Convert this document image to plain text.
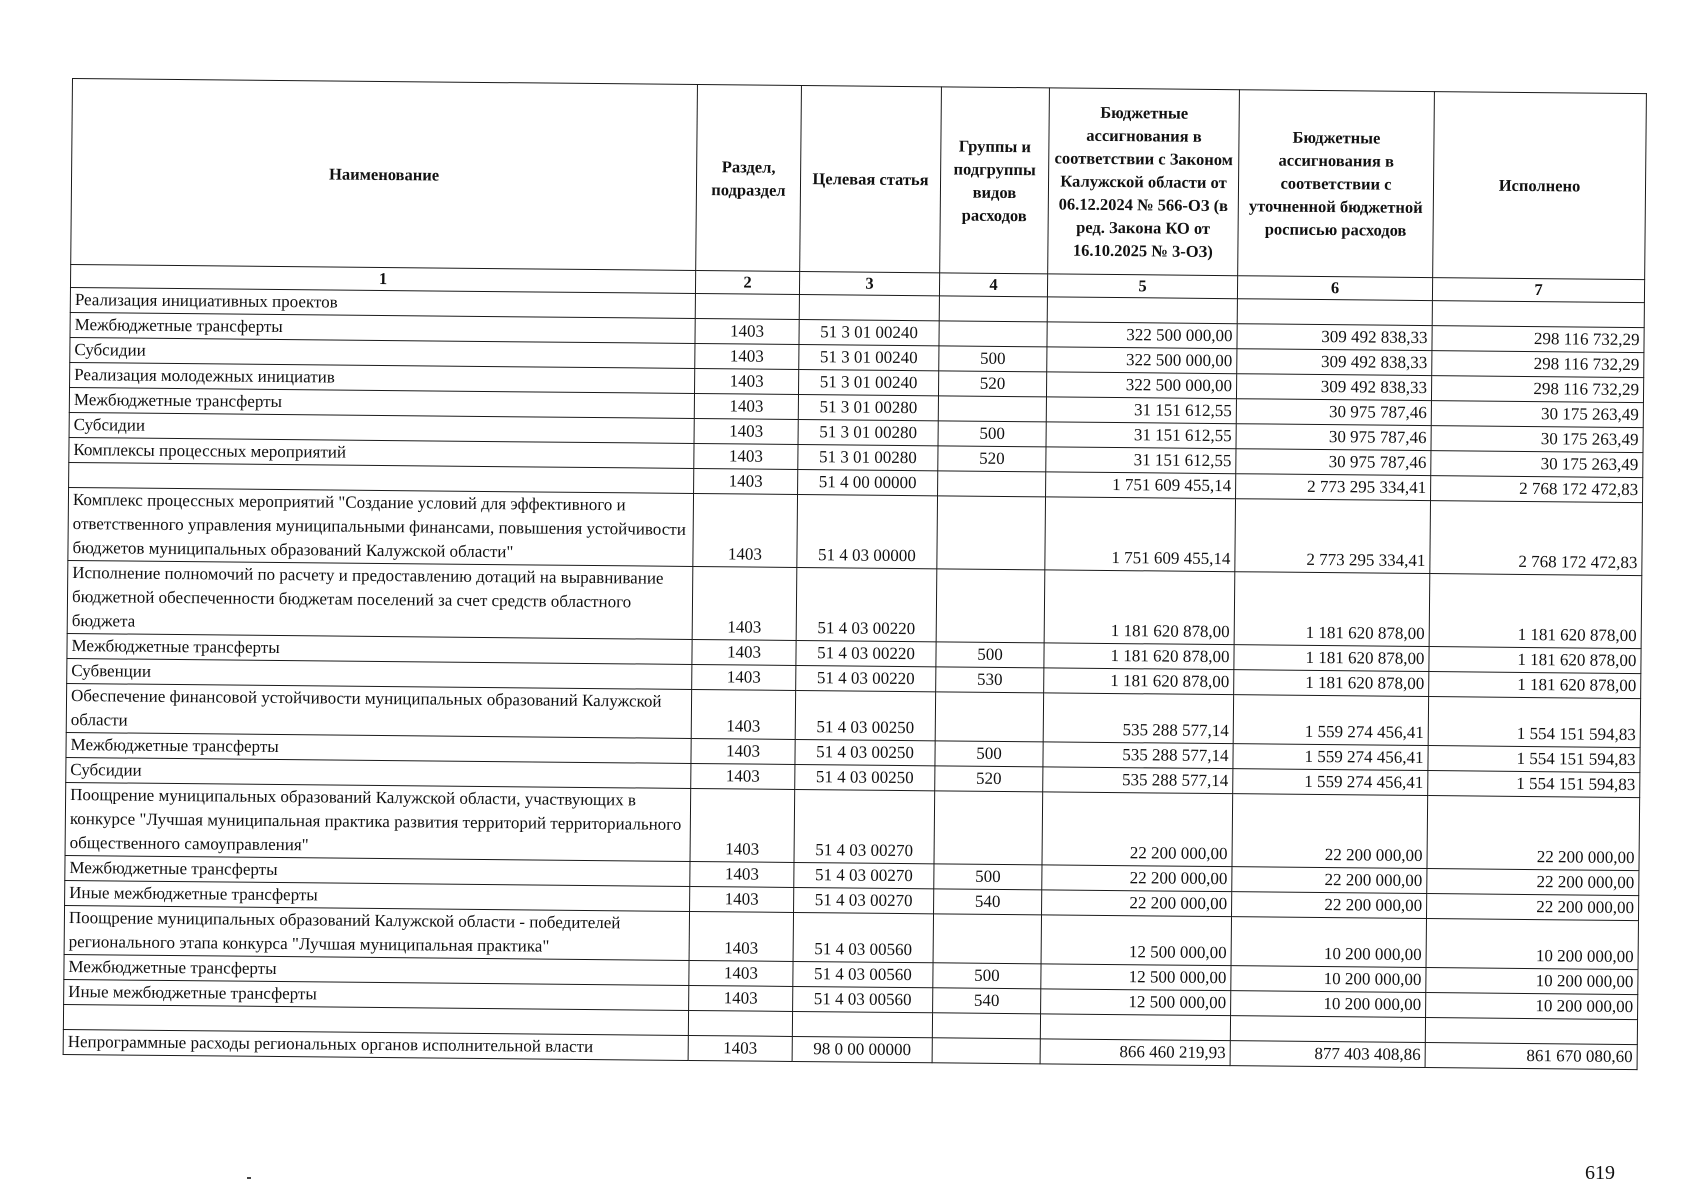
Наименование	Раздел, подраздел	Целевая статья	Группы и подгруппы видов расходов	Бюджетные ассигнования в соответствии с Законом Калужской области от 06.12.2024 № 566-ОЗ (в ред. Закона КО от 16.10.2025 № 3-ОЗ)	Бюджетные ассигнования в соответствии с уточненной бюджетной росписью расходов	Исполнено
1	2	3	4	5	6	7
Реализация инициативных проектов						
Межбюджетные трансферты	1403	51 3 01 00240		322 500 000,00	309 492 838,33	298 116 732,29
Субсидии	1403	51 3 01 00240	500	322 500 000,00	309 492 838,33	298 116 732,29
Реализация молодежных инициатив	1403	51 3 01 00240	520	322 500 000,00	309 492 838,33	298 116 732,29
Межбюджетные трансферты	1403	51 3 01 00280		31 151 612,55	30 975 787,46	30 175 263,49
Субсидии	1403	51 3 01 00280	500	31 151 612,55	30 975 787,46	30 175 263,49
Комплексы процессных мероприятий	1403	51 3 01 00280	520	31 151 612,55	30 975 787,46	30 175 263,49
	1403	51 4 00 00000		1 751 609 455,14	2 773 295 334,41	2 768 172 472,83
Комплекс процессных мероприятий "Создание условий для эффективного и ответственного управления муниципальными финансами, повышения устойчивости бюджетов муниципальных образований Калужской области"	1403	51 4 03 00000		1 751 609 455,14	2 773 295 334,41	2 768 172 472,83
Исполнение полномочий по расчету и предоставлению дотаций на выравнивание бюджетной обеспеченности бюджетам поселений за счет средств областного бюджета	1403	51 4 03 00220		1 181 620 878,00	1 181 620 878,00	1 181 620 878,00
Межбюджетные трансферты	1403	51 4 03 00220	500	1 181 620 878,00	1 181 620 878,00	1 181 620 878,00
Субвенции	1403	51 4 03 00220	530	1 181 620 878,00	1 181 620 878,00	1 181 620 878,00
Обеспечение финансовой устойчивости муниципальных образований Калужской области	1403	51 4 03 00250		535 288 577,14	1 559 274 456,41	1 554 151 594,83
Межбюджетные трансферты	1403	51 4 03 00250	500	535 288 577,14	1 559 274 456,41	1 554 151 594,83
Субсидии	1403	51 4 03 00250	520	535 288 577,14	1 559 274 456,41	1 554 151 594,83
Поощрение муниципальных образований Калужской области, участвующих в конкурсе "Лучшая муниципальная практика развития территорий территориального общественного самоуправления"	1403	51 4 03 00270		22 200 000,00	22 200 000,00	22 200 000,00
Межбюджетные трансферты	1403	51 4 03 00270	500	22 200 000,00	22 200 000,00	22 200 000,00
Иные межбюджетные трансферты	1403	51 4 03 00270	540	22 200 000,00	22 200 000,00	22 200 000,00
Поощрение муниципальных образований Калужской области - победителей регионального этапа конкурса "Лучшая муниципальная практика"	1403	51 4 03 00560		12 500 000,00	10 200 000,00	10 200 000,00
Межбюджетные трансферты	1403	51 4 03 00560	500	12 500 000,00	10 200 000,00	10 200 000,00
Иные межбюджетные трансферты	1403	51 4 03 00560	540	12 500 000,00	10 200 000,00	10 200 000,00

Непрограммные расходы региональных органов исполнительной власти	1403	98 0 00 00000		866 460 219,93	877 403 408,86	861 670 080,60
619
